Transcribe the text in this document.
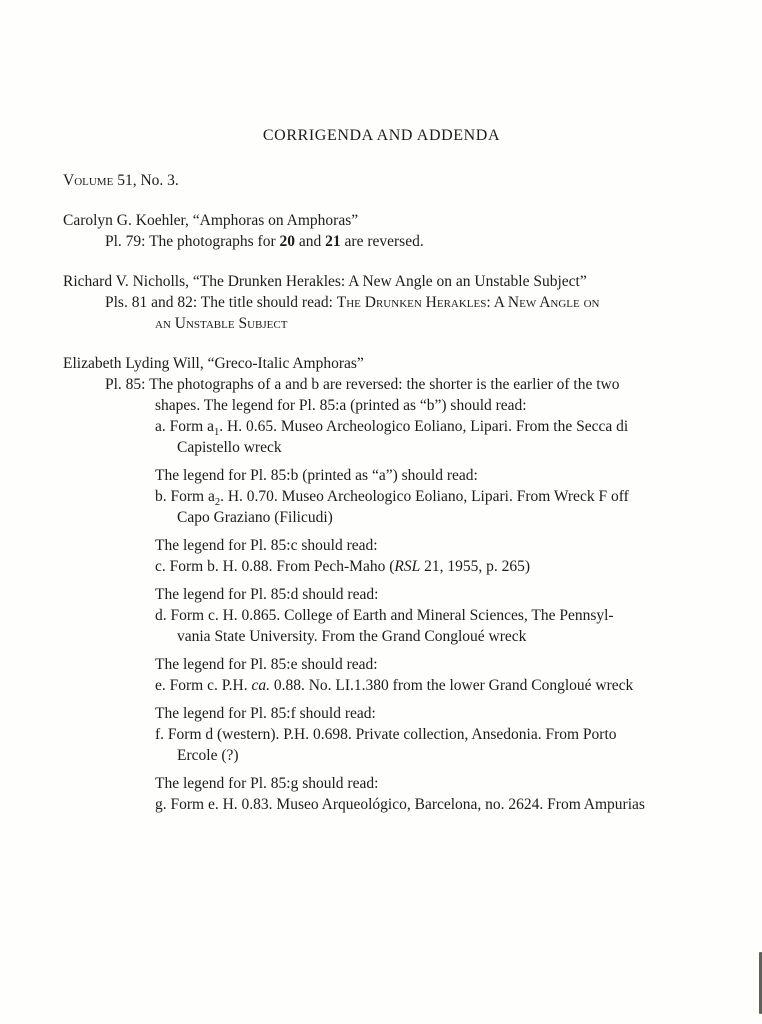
CORRIGENDA AND ADDENDA
Volume 51, No. 3.
Carolyn G. Koehler, “Amphoras on Amphoras”
Pl. 79: The photographs for 20 and 21 are reversed.
Richard V. Nicholls, “The Drunken Herakles: A New Angle on an Unstable Subject”
Pls. 81 and 82: The title should read: The Drunken Herakles: A New Angle on
an Unstable Subject
Elizabeth Lyding Will, “Greco-Italic Amphoras”
Pl. 85: The photographs of a and b are reversed: the shorter is the earlier of the two
shapes. The legend for Pl. 85:a (printed as “b”) should read:
a. Form $a_1$. H. 0.65. Museo Archeologico Eoliano, Lipari. From the Secca di
Capistello wreck
The legend for Pl. 85:b (printed as “a”) should read:
b. Form $a_2$. H. 0.70. Museo Archeologico Eoliano, Lipari. From Wreck F off
Capo Graziano (Filicudi)
The legend for Pl. 85:c should read:
c. Form b. H. 0.88. From Pech-Maho (RSL 21, 1955, p. 265)
The legend for Pl. 85:d should read:
d. Form c. H. 0.865. College of Earth and Mineral Sciences, The Pennsyl-
vania State University. From the Grand Congloué wreck
The legend for Pl. 85:e should read:
e. Form c. P.H. ca. 0.88. No. LI.1.380 from the lower Grand Congloué wreck
The legend for Pl. 85:f should read:
f. Form d (western). P.H. 0.698. Private collection, Ansedonia. From Porto
Ercole (?)
The legend for Pl. 85:g should read:
g. Form e. H. 0.83. Museo Arqueológico, Barcelona, no. 2624. From Ampurias
